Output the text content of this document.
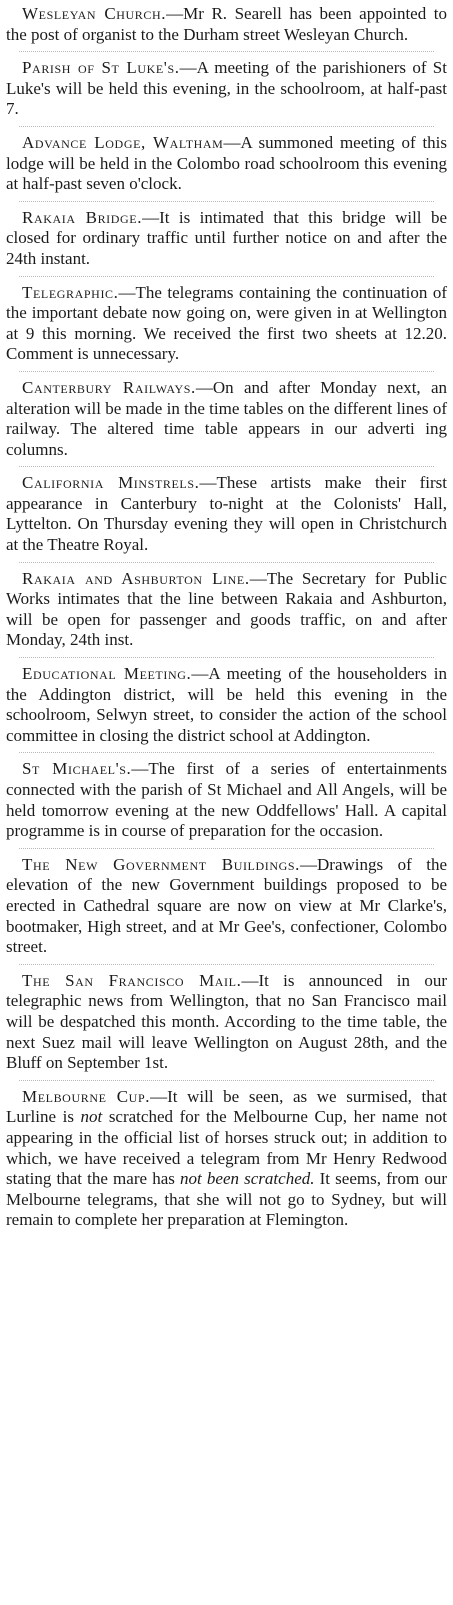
Wesleyan Church.—Mr R. Searell has been appointed to the post of organist to the Durham street Wesleyan Church.

Parish of St Luke's.—A meeting of the parishioners of St Luke's will be held this evening, in the schoolroom, at half-past 7.

Advance Lodge, Waltham—A summoned meeting of this lodge will be held in the Colombo road schoolroom this evening at half-past seven o'clock.

Rakaia Bridge.—It is intimated that this bridge will be closed for ordinary traffic until further notice on and after the 24th instant.

Telegraphic.—The telegrams containing the continuation of the important debate now going on, were given in at Wellington at 9 this morning. We received the first two sheets at 12.20. Comment is unnecessary.

Canterbury Railways.—On and after Monday next, an alteration will be made in the time tables on the different lines of railway. The altered time table appears in our adverti ing columns.

California Minstrels.—These artists make their first appearance in Canterbury to-night at the Colonists' Hall, Lyttelton. On Thursday evening they will open in Christchurch at the Theatre Royal.

Rakaia and Ashburton Line.—The Secretary for Public Works intimates that the line between Rakaia and Ashburton, will be open for passenger and goods traffic, on and after Monday, 24th inst.

Educational Meeting.—A meeting of the householders in the Addington district, will be held this evening in the schoolroom, Selwyn street, to consider the action of the school committee in closing the district school at Addington.

St Michael's.—The first of a series of entertainments connected with the parish of St Michael and All Angels, will be held tomorrow evening at the new Oddfellows' Hall. A capital programme is in course of preparation for the occasion.

The New Government Buildings.—Drawings of the elevation of the new Government buildings proposed to be erected in Cathedral square are now on view at Mr Clarke's, bootmaker, High street, and at Mr Gee's, confectioner, Colombo street.

The San Francisco Mail.—It is announced in our telegraphic news from Wellington, that no San Francisco mail will be despatched this month. According to the time table, the next Suez mail will leave Wellington on August 28th, and the Bluff on September 1st.

Melbourne Cup.—It will be seen, as we surmised, that Lurline is not scratched for the Melbourne Cup, her name not appearing in the official list of horses struck out; in addition to which, we have received a telegram from Mr Henry Redwood stating that the mare has not been scratched. It seems, from our Melbourne telegrams, that she will not go to Sydney, but will remain to complete her preparation at Flemington.
